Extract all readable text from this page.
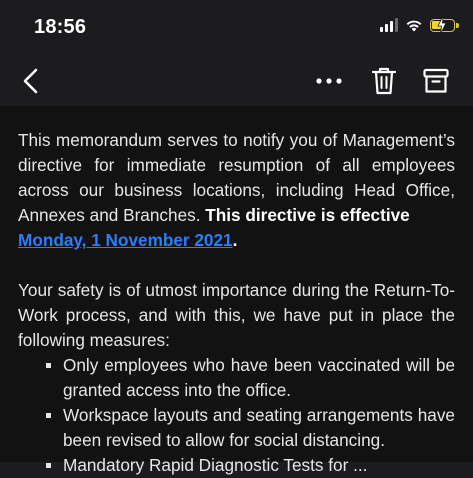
18:56

This memorandum serves to notify you of Management’s directive for immediate resumption of all employees across our business locations, including Head Office, Annexes and Branches. This directive is effective
Monday, 1 November 2021.

Your safety is of utmost importance during the Return-To-Work process, and with this, we have put in place the following measures:

Only employees who have been vaccinated will be granted access into the office.
Workspace layouts and seating arrangements have been revised to allow for social distancing.
Mandatory Rapid Diagnostic Tests for ...
